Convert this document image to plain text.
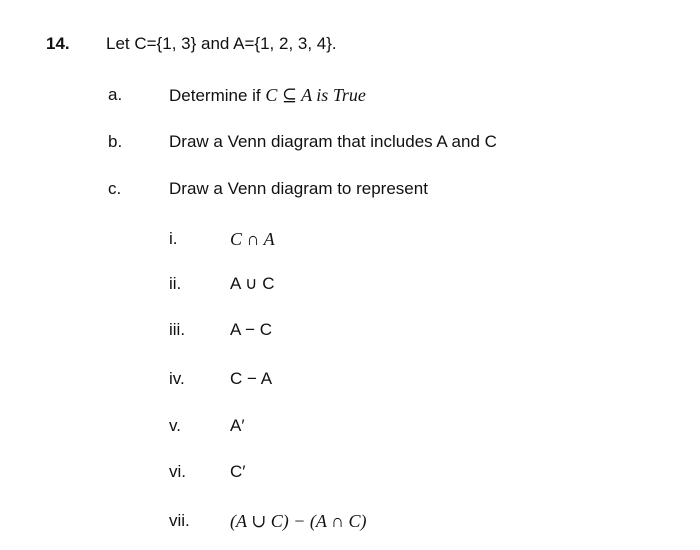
14. Let C={1, 3} and A={1, 2, 3, 4}.
a.	Determine if C ⊆ A is True
b.	Draw a Venn diagram that includes A and C
c.	Draw a Venn diagram to represent
i.	C ∩ A
ii.	A ∪ C
iii.	A − C
iv.	C − A
v.	A′
vi.	C′
vii. (A ∪ C) − (A ∩ C)
